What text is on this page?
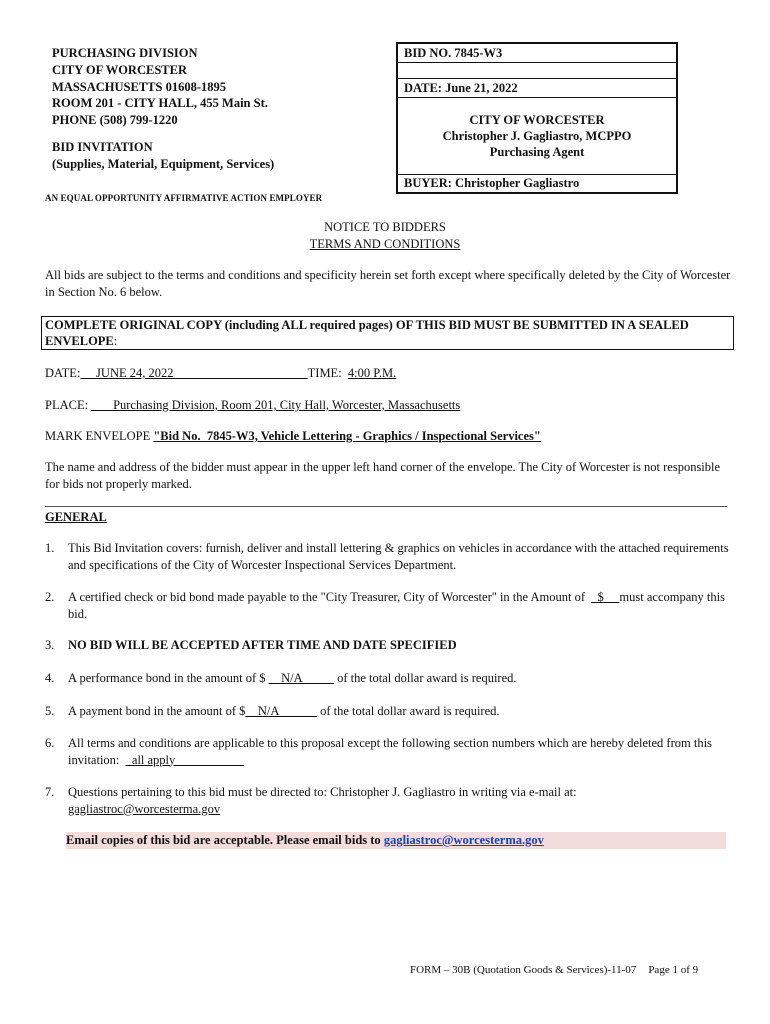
PURCHASING DIVISION
CITY OF WORCESTER
MASSACHUSETTS 01608-1895
ROOM 201 - CITY HALL, 455 Main St.
PHONE (508) 799-1220
BID INVITATION
(Supplies, Material, Equipment, Services)
BID NO. 7845-W3
DATE: June 21, 2022
CITY OF WORCESTER
Christopher J. Gagliastro, MCPPO
Purchasing Agent
BUYER: Christopher Gagliastro
AN EQUAL OPPORTUNITY AFFIRMATIVE ACTION EMPLOYER
NOTICE TO BIDDERS
TERMS AND CONDITIONS
All bids are subject to the terms and conditions and specificity herein set forth except where specifically deleted by the City of Worcester in Section No. 6 below.
COMPLETE ORIGINAL COPY (including ALL required pages) OF THIS BID MUST BE SUBMITTED IN A SEALED ENVELOPE:
DATE:     JUNE 24, 2022                                           TIME: 4:00 P.M.
PLACE:        Purchasing Division, Room 201, City Hall, Worcester, Massachusetts
MARK ENVELOPE "Bid No.  7845-W3, Vehicle Lettering - Graphics / Inspectional Services"
The name and address of the bidder must appear in the upper left hand corner of the envelope. The City of Worcester is not responsible for bids not properly marked.
GENERAL
1.	This Bid Invitation covers: furnish, deliver and install lettering & graphics on vehicles in accordance with the attached requirements and specifications of the City of Worcester Inspectional Services Department.
2.	A certified check or bid bond made payable to the "City Treasurer, City of Worcester" in the Amount of    $ must accompany this bid.
3.	NO BID WILL BE ACCEPTED AFTER TIME AND DATE SPECIFIED
4.	A performance bond in the amount of $ __N/A_____ of the total dollar award is required.
5.	A payment bond in the amount of $__N/A______ of the total dollar award is required.
6.	All terms and conditions are applicable to this proposal except the following section numbers which are hereby deleted from this invitation:  _all apply___________
7.	Questions pertaining to this bid must be directed to: Christopher J. Gagliastro in writing via e-mail at:
gagliastroc@worcesterma.gov
Email copies of this bid are acceptable. Please email bids to gagliastroc@worcesterma.gov
FORM – 30B (Quotation Goods & Services)-11-07 Page 1 of 9
